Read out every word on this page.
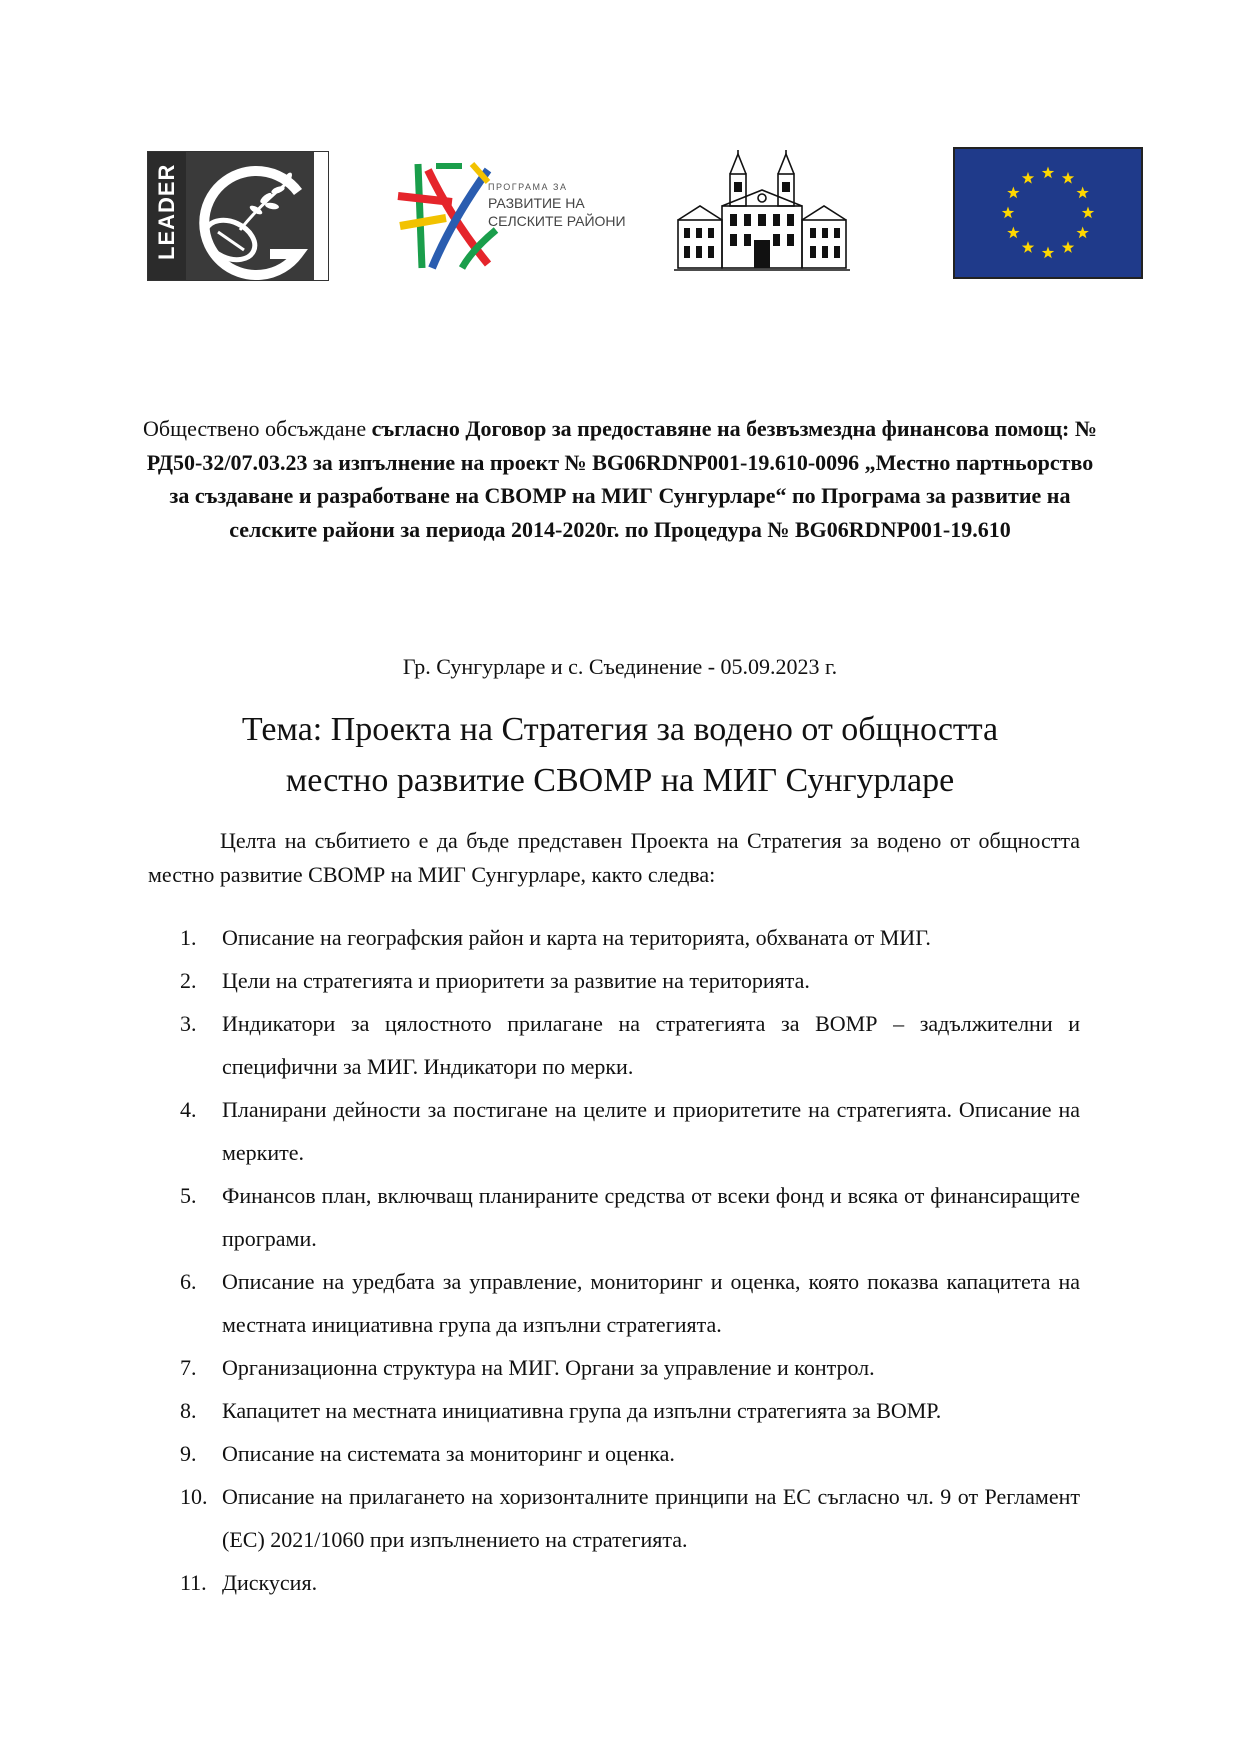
LEADER	ПРОГРАМА ЗА
РАЗВИТИЕ НА
СЕЛСКИТЕ РАЙОНИ
Обществено обсъждане съгласно Договор за предоставяне на безвъзмездна финансова помощ: № РД50-32/07.03.23 за изпълнение на проект № BG06RDNP001-19.610-0096 „Местно партньорство за създаване и разработване на СВОМР на МИГ Сунгурларе“ по Програма за развитие на селските райони за периода 2014-2020г. по Процедура № BG06RDNP001-19.610
Гр. Сунгурларе и с. Съединение - 05.09.2023 г.
Тема: Проекта на Стратегия за водено от общността
местно развитие СВОМР на МИГ Сунгурларе

Целта на събитието е да бъде представен Проекта на Стратегия за водено от общността местно развитие СВОМР на МИГ Сунгурларе, както следва:

1. Описание на географския район и карта на територията, обхваната от МИГ.
2. Цели на стратегията и приоритети за развитие на територията.
3. Индикатори за цялостното прилагане на стратегията за ВОМР – задължителни и специфични за МИГ. Индикатори по мерки.
4. Планирани дейности за постигане на целите и приоритетите на стратегията. Описание на мерките.
5. Финансов план, включващ планираните средства от всеки фонд и всяка от финансиращите програми.
6. Описание на уредбата за управление, мониторинг и оценка, която показва капацитета на местната инициативна група да изпълни стратегията.
7. Организационна структура на МИГ. Органи за управление и контрол.
8. Капацитет на местната инициативна група да изпълни стратегията за ВОМР.
9. Описание на системата за мониторинг и оценка.
10. Описание на прилагането на хоризонталните принципи на ЕС съгласно чл. 9 от Регламент (ЕС) 2021/1060 при изпълнението на стратегията.
11. Дискусия.
